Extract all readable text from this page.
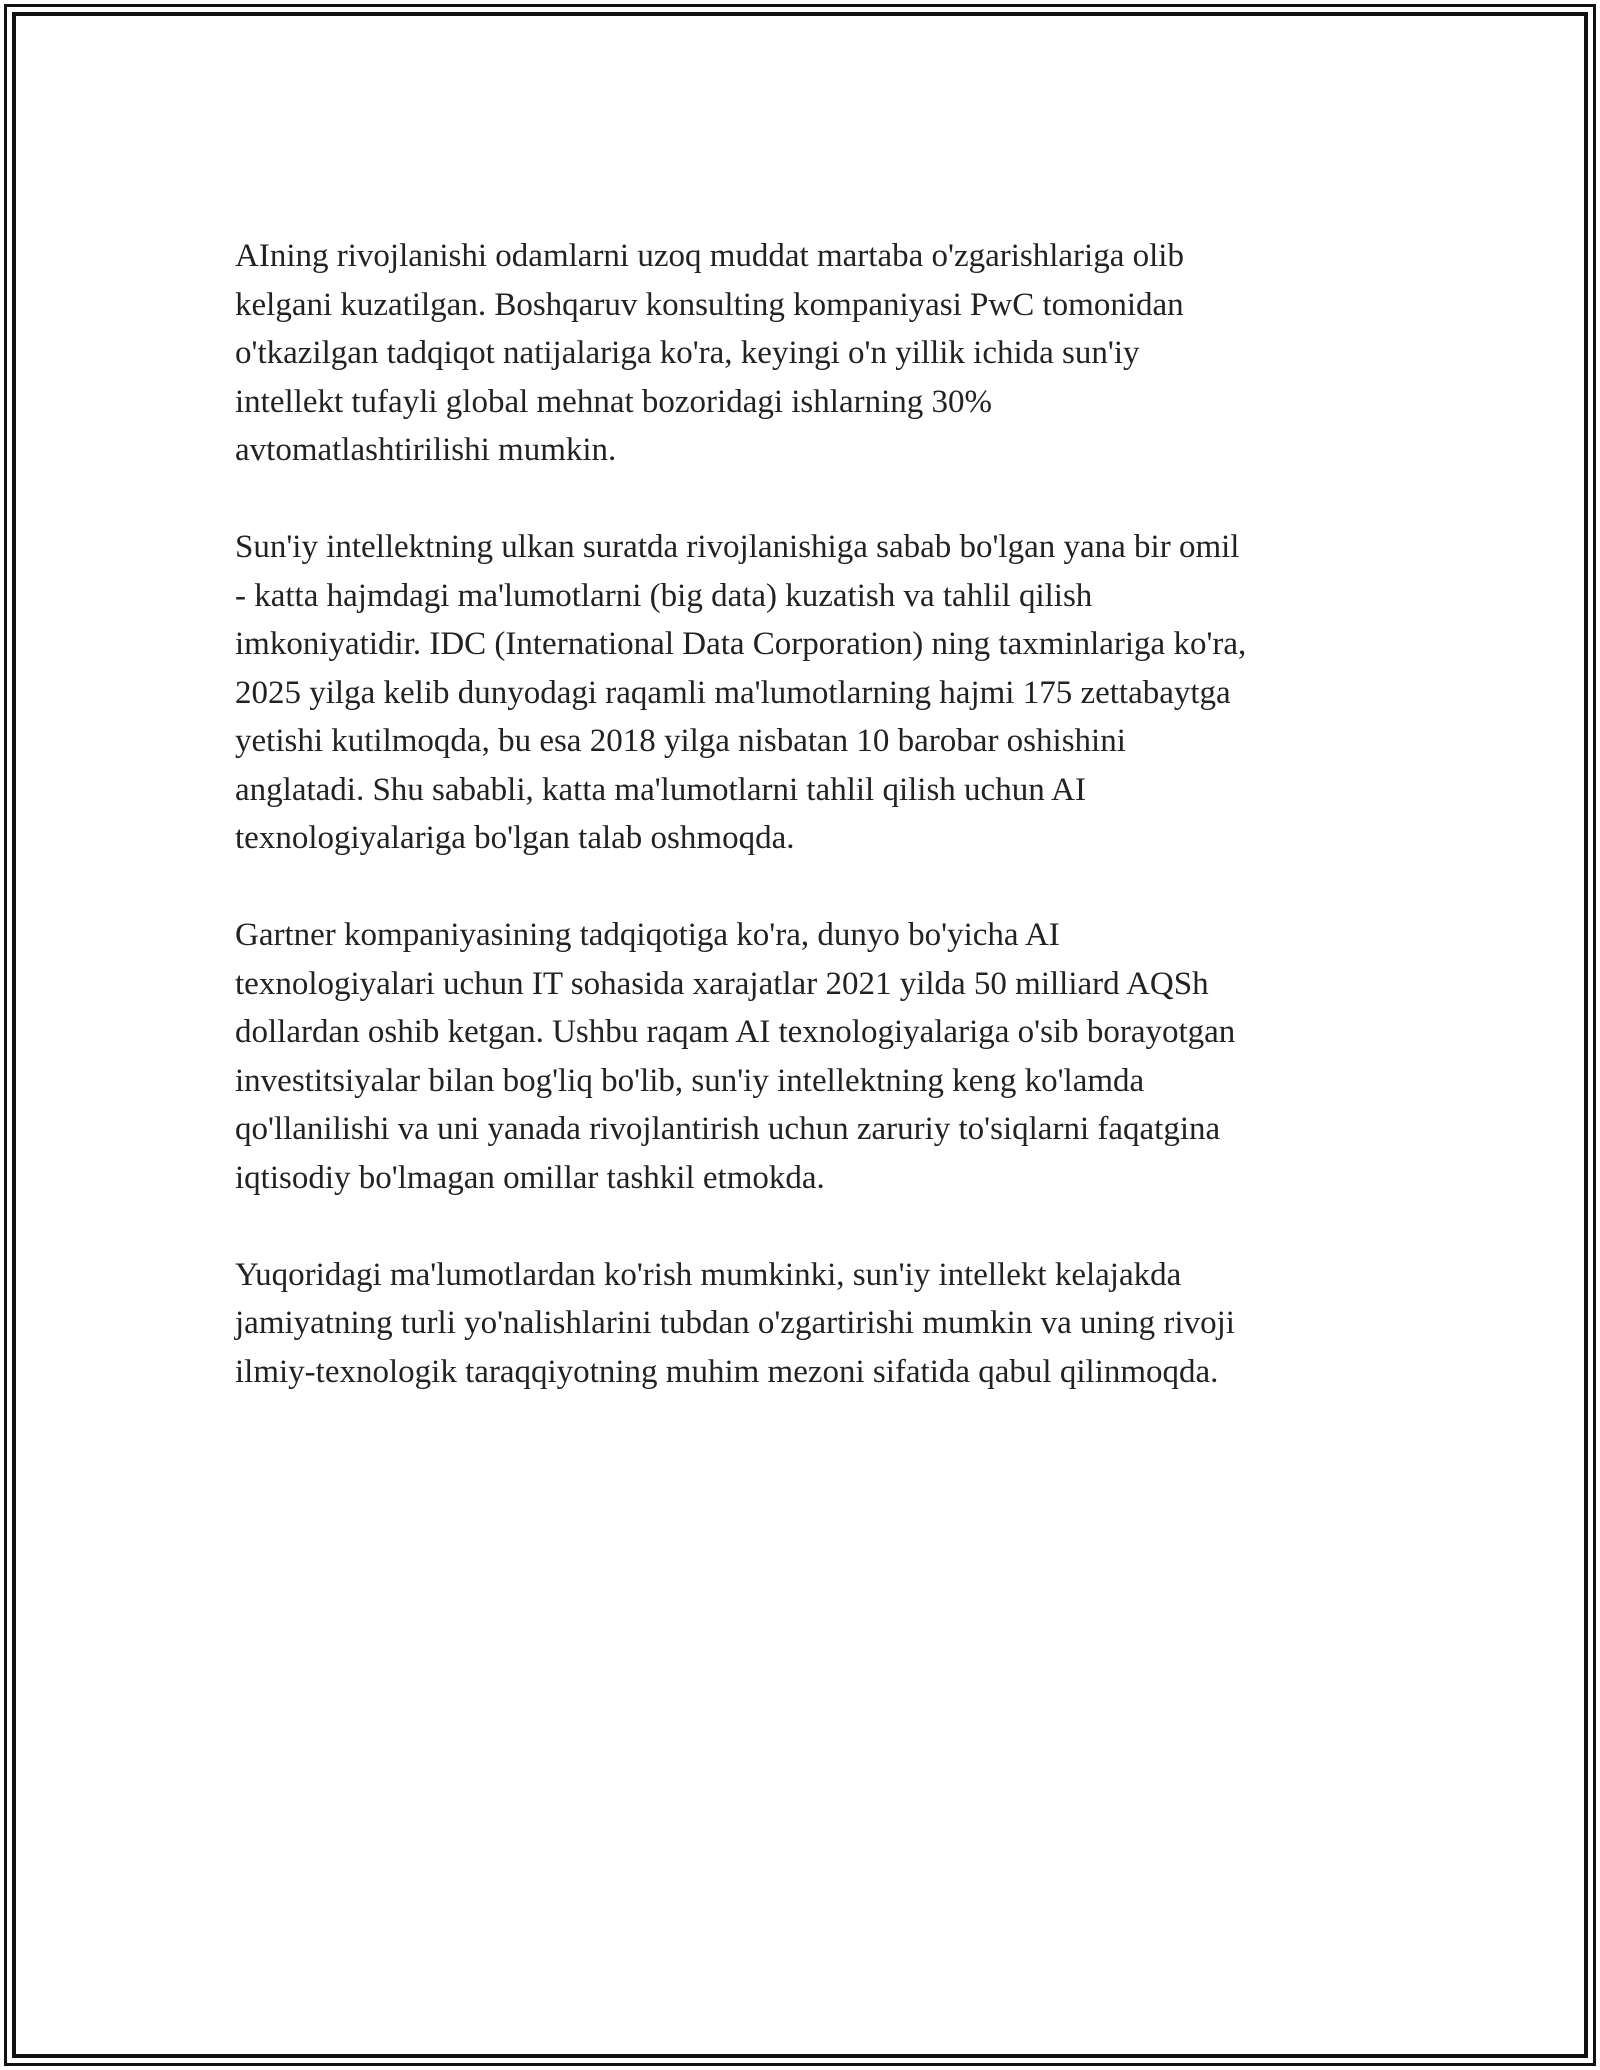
AIning rivojlanishi odamlarni uzoq muddat martaba o'zgarishlariga olib
kelgani kuzatilgan. Boshqaruv konsulting kompaniyasi PwC tomonidan
o'tkazilgan tadqiqot natijalariga ko'ra, keyingi o'n yillik ichida sun'iy
intellekt tufayli global mehnat bozoridagi ishlarning 30%
avtomatlashtirilishi mumkin.

Sun'iy intellektning ulkan suratda rivojlanishiga sabab bo'lgan yana bir omil
- katta hajmdagi ma'lumotlarni (big data) kuzatish va tahlil qilish
imkoniyatidir. IDC (International Data Corporation) ning taxminlariga ko'ra,
2025 yilga kelib dunyodagi raqamli ma'lumotlarning hajmi 175 zettabaytga
yetishi kutilmoqda, bu esa 2018 yilga nisbatan 10 barobar oshishini
anglatadi. Shu sababli, katta ma'lumotlarni tahlil qilish uchun AI
texnologiyalariga bo'lgan talab oshmoqda.

Gartner kompaniyasining tadqiqotiga ko'ra, dunyo bo'yicha AI
texnologiyalari uchun IT sohasida xarajatlar 2021 yilda 50 milliard AQSh
dollardan oshib ketgan. Ushbu raqam AI texnologiyalariga o'sib borayotgan
investitsiyalar bilan bog'liq bo'lib, sun'iy intellektning keng ko'lamda
qo'llanilishi va uni yanada rivojlantirish uchun zaruriy to'siqlarni faqatgina
iqtisodiy bo'lmagan omillar tashkil etmokda.

Yuqoridagi ma'lumotlardan ko'rish mumkinki, sun'iy intellekt kelajakda
jamiyatning turli yo'nalishlarini tubdan o'zgartirishi mumkin va uning rivoji
ilmiy-texnologik taraqqiyotning muhim mezoni sifatida qabul qilinmoqda.
